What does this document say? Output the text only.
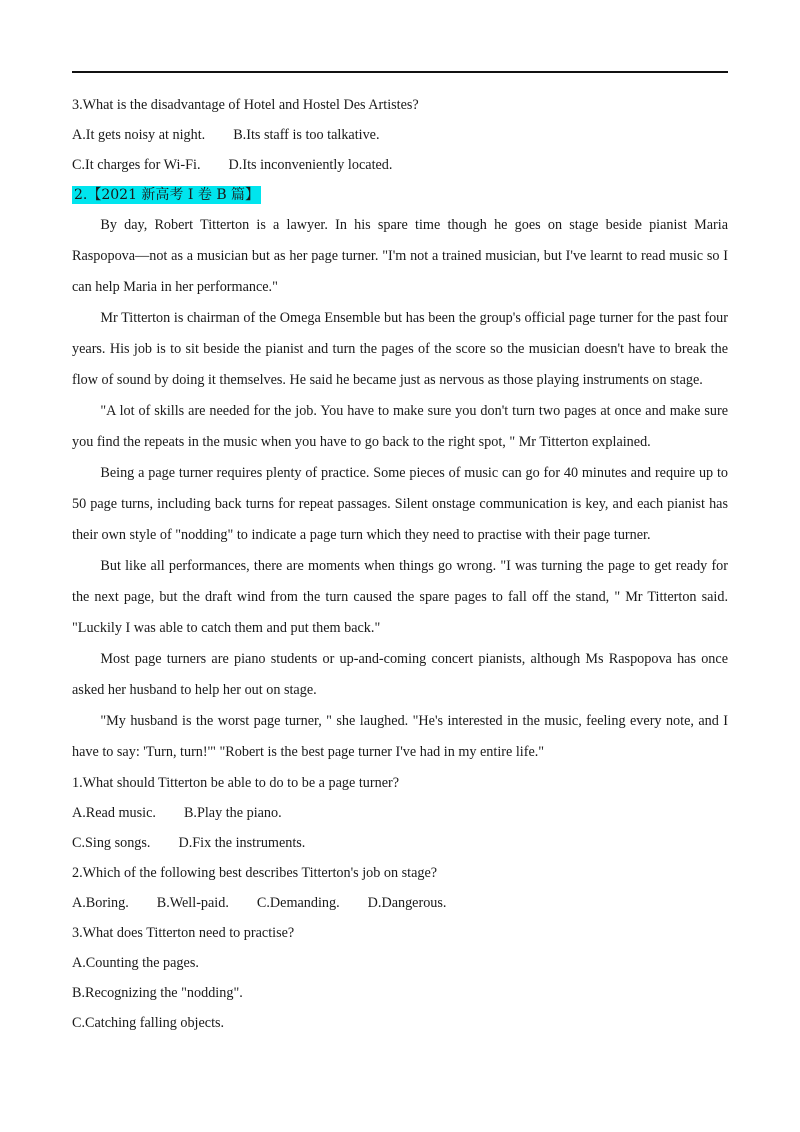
3.What is the disadvantage of Hotel and Hostel Des Artistes?

A.It gets noisy at night. B.Its staff is too talkative.

C.It charges for Wi-Fi. D.Its inconveniently located.

2.【2021 新高考 I 卷 B 篇】

By day, Robert Titterton is a lawyer. In his spare time though he goes on stage beside pianist Maria Raspopova—not as a musician but as her page turner. "I'm not a trained musician, but I've learnt to read music so I can help Maria in her performance."

Mr Titterton is chairman of the Omega Ensemble but has been the group's official page turner for the past four years. His job is to sit beside the pianist and turn the pages of the score so the musician doesn't have to break the flow of sound by doing it themselves. He said he became just as nervous as those playing instruments on stage.

"A lot of skills are needed for the job. You have to make sure you don't turn two pages at once and make sure you find the repeats in the music when you have to go back to the right spot, " Mr Titterton explained.

Being a page turner requires plenty of practice. Some pieces of music can go for 40 minutes and require up to 50 page turns, including back turns for repeat passages. Silent onstage communication is key, and each pianist has their own style of "nodding" to indicate a page turn which they need to practise with their page turner.

But like all performances, there are moments when things go wrong. "I was turning the page to get ready for the next page, but the draft wind from the turn caused the spare pages to fall off the stand, " Mr Titterton said. "Luckily I was able to catch them and put them back."

Most page turners are piano students or up-and-coming concert pianists, although Ms Raspopova has once asked her husband to help her out on stage.

"My husband is the worst page turner, " she laughed. "He's interested in the music, feeling every note, and I have to say: 'Turn, turn!'" "Robert is the best page turner I've had in my entire life."

1.What should Titterton be able to do to be a page turner?

A.Read music. B.Play the piano.

C.Sing songs. D.Fix the instruments.

2.Which of the following best describes Titterton's job on stage?

A.Boring. B.Well-paid. C.Demanding. D.Dangerous.

3.What does Titterton need to practise?

A.Counting the pages.

B.Recognizing the "nodding".

C.Catching falling objects.
